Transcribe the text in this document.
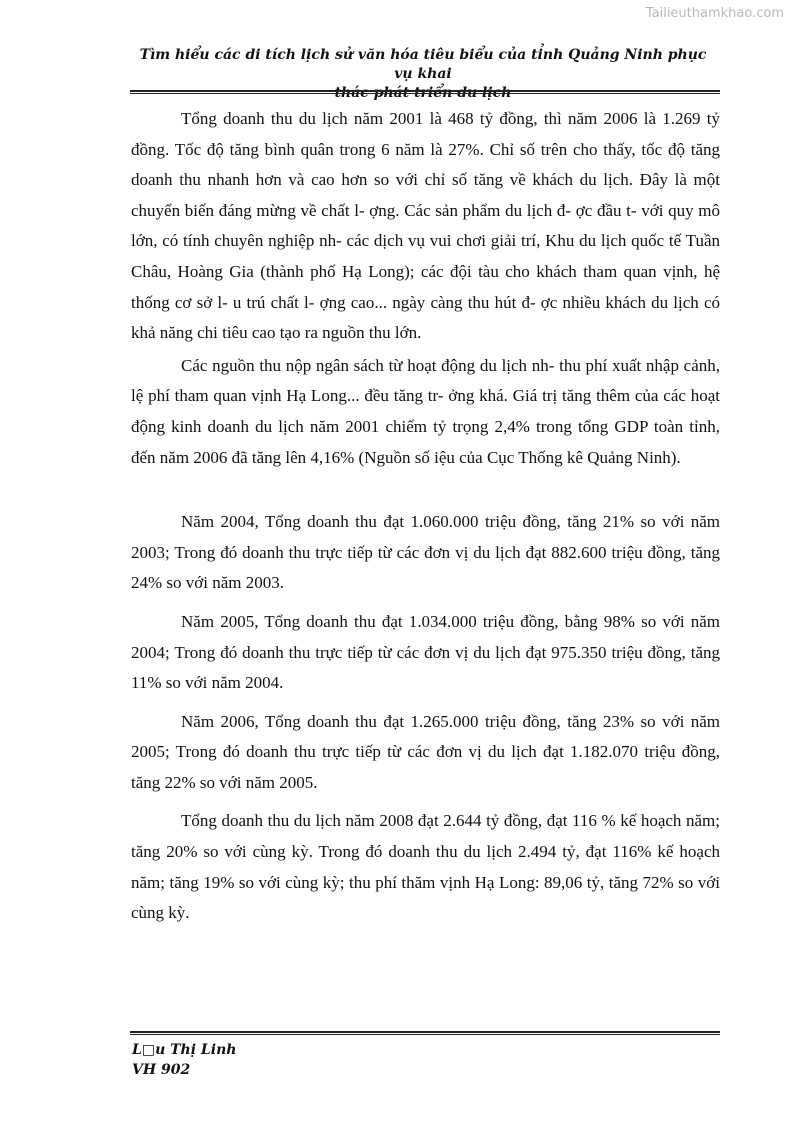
Tailieuthamkhao.com
Tìm hiểu các di tích lịch sử văn hóa tiêu biểu của tỉnh Quảng Ninh phục vụ khai
thác phát triển du lịch

Tổng doanh thu du lịch năm 2001 là 468 tỷ đồng, thì năm 2006 là 1.269 tỷ đồng. Tốc độ tăng bình quân trong 6 năm là 27%. Chỉ số trên cho thấy, tốc độ tăng doanh thu nhanh hơn và cao hơn so với chỉ số tăng về khách du lịch. Đây là một chuyển biến đáng mừng về chất l- ợng. Các sản phẩm du lịch đ- ợc đầu t- với quy mô lớn, có tính chuyên nghiệp nh- các dịch vụ vui chơi giải trí, Khu du lịch quốc tế Tuần Châu, Hoàng Gia (thành phố Hạ Long); các đội tàu cho khách tham quan vịnh, hệ thống cơ sở l- u trú chất l- ợng cao... ngày càng thu hút đ- ợc nhiều khách du lịch có khả năng chi tiêu cao tạo ra nguồn thu lớn.

Các nguồn thu nộp ngân sách từ hoạt động du lịch nh- thu phí xuất nhập cảnh, lệ phí tham quan vịnh Hạ Long... đều tăng tr- ởng khá. Giá trị tăng thêm của các hoạt động kinh doanh du lịch năm 2001 chiếm tỷ trọng 2,4% trong tổng GDP toàn tỉnh, đến năm 2006 đã tăng lên 4,16% (Nguồn số iệu của Cục Thống kê Quảng Ninh).

Năm 2004, Tổng doanh thu đạt 1.060.000 triệu đồng, tăng 21% so với năm 2003; Trong đó doanh thu trực tiếp từ các đơn vị du lịch đạt 882.600 triệu đồng, tăng 24% so với năm 2003.

Năm 2005, Tổng doanh thu đạt 1.034.000 triệu đồng, bằng 98% so với năm 2004; Trong đó doanh thu trực tiếp từ các đơn vị du lịch đạt 975.350 triệu đồng, tăng 11% so với năm 2004.

Năm 2006, Tổng doanh thu đạt 1.265.000 triệu đồng, tăng 23% so với năm 2005; Trong đó doanh thu trực tiếp từ các đơn vị du lịch đạt 1.182.070 triệu đồng, tăng 22% so với năm 2005.

Tổng doanh thu du lịch năm 2008 đạt 2.644 tỷ đồng, đạt 116 % kế hoạch năm; tăng 20% so với cùng kỳ. Trong đó doanh thu du lịch 2.494 tỷ, đạt 116% kế hoạch năm; tăng 19% so với cùng kỳ; thu phí thăm vịnh Hạ Long: 89,06 tỷ, tăng 72% so với cùng kỳ.

L□u Thị Linh
VH 902
